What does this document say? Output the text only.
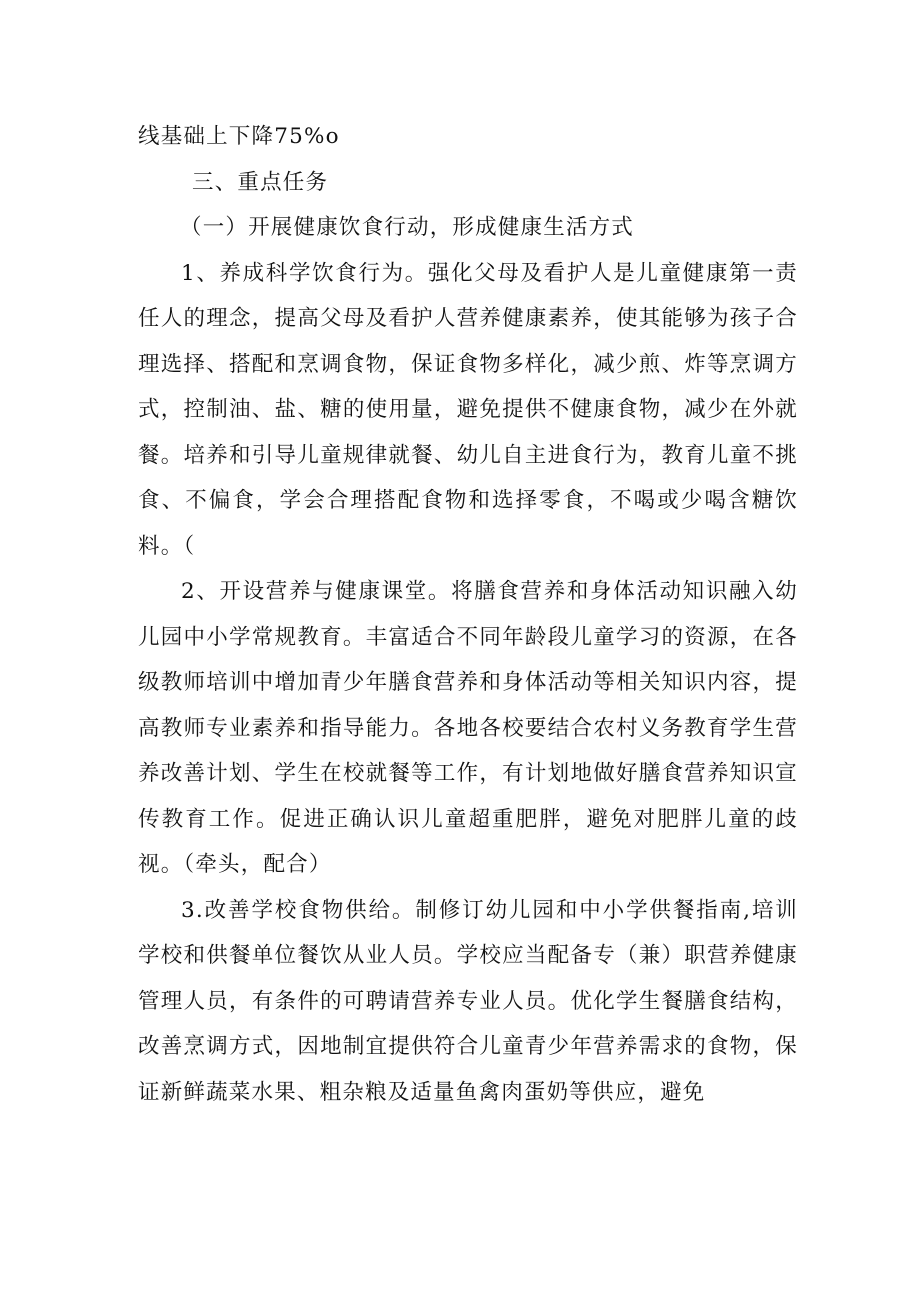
线基础上下降75%o

三、重点任务

（一）开展健康饮食行动，形成健康生活方式

1、养成科学饮食行为。强化父母及看护人是儿童健康第一责任人的理念，提高父母及看护人营养健康素养，使其能够为孩子合理选择、搭配和烹调食物，保证食物多样化，减少煎、炸等烹调方式，控制油、盐、糖的使用量，避免提供不健康食物，减少在外就餐。培养和引导儿童规律就餐、幼儿自主进食行为，教育儿童不挑食、不偏食，学会合理搭配食物和选择零食，不喝或少喝含糖饮料。（

2、开设营养与健康课堂。将膳食营养和身体活动知识融入幼儿园中小学常规教育。丰富适合不同年龄段儿童学习的资源，在各级教师培训中增加青少年膳食营养和身体活动等相关知识内容，提高教师专业素养和指导能力。各地各校要结合农村义务教育学生营养改善计划、学生在校就餐等工作，有计划地做好膳食营养知识宣传教育工作。促进正确认识儿童超重肥胖，避免对肥胖儿童的歧视。（牵头，配合）

3.改善学校食物供给。制修订幼儿园和中小学供餐指南,培训学校和供餐单位餐饮从业人员。学校应当配备专（兼）职营养健康管理人员，有条件的可聘请营养专业人员。优化学生餐膳食结构，改善烹调方式，因地制宜提供符合儿童青少年营养需求的食物，保证新鲜蔬菜水果、粗杂粮及适量鱼禽肉蛋奶等供应，避免
